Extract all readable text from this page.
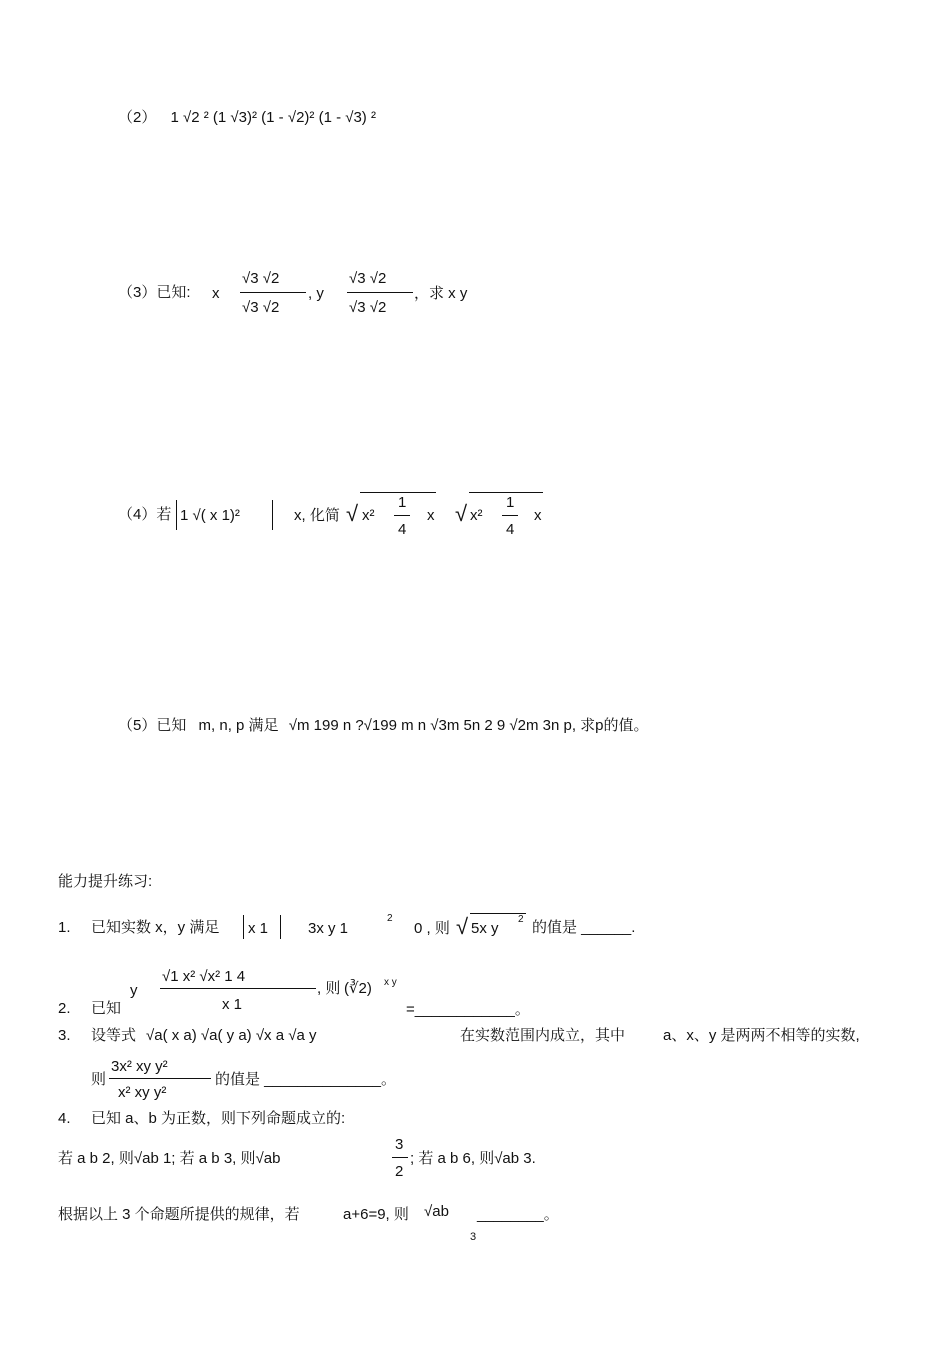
（2） 1 √2 ² (1 √3)² (1 - √2)² (1 - √3) ²
（3）已知: x
√3 √2
√3 √2
, y
√3 √2
√3 √2
，求 x y
（4）若 1 √( x 1)²	x, 化简 √ x²
1
4
x √ x²
1
4
x
（5）已知 m, n, p 满足 √m 199 n ?√199 m n √3m 5n 2 9 √2m 3n p, 求p的值。
能力提升练习:
1. 已知实数 x，y 满足 x 1	3x y 1
2
0 , 则 √ 5x y
2 的值是 ______.
y
√1 x² √x² 1 4
x 1
, 则 (∛2) x y
2. 已知	=____________。
3. 设等式 √a( x a) √a( y a) √x a √a y	在实数范围内成立，其中	a、x、y 是两两不相等的实数,
则
3x² xy y²
x² xy y²
的值是 ______________。
4. 已知 a、b 为正数，则下列命题成立的:
若 a b 2, 则√ab 1; 若 a b 3, 则√ab
3
2
; 若 a b 6, 则√ab 3.
根据以上 3 个命题所提供的规律，若	a+6=9, 则 √ab ________。
3
